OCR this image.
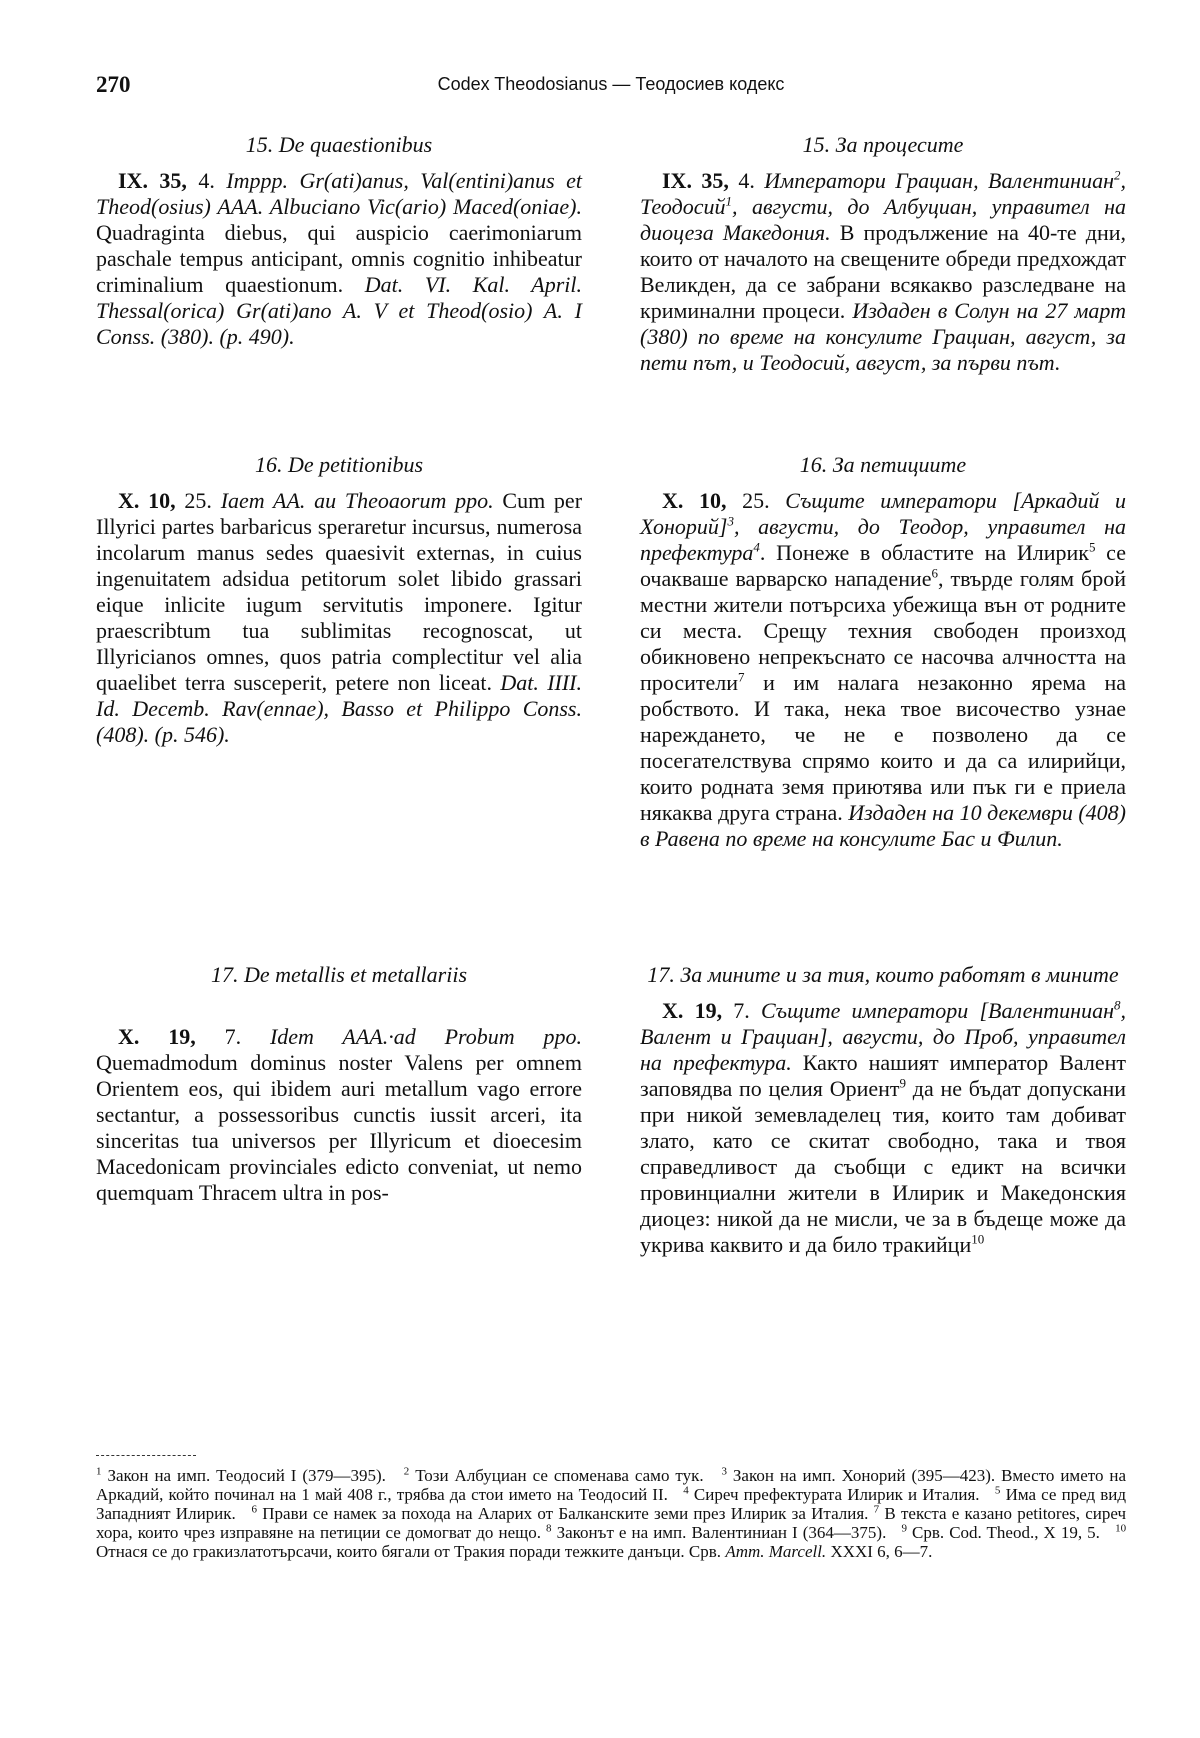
270	Codex Theodosianus — Теодосиев кодекс
15. De quaestionibus

IX. 35, 4. Imppp. Gr(ati)anus, Val(entini)anus et Theod(osius) AAA. Albuciano Vic(ario) Maced(oniae). Quadraginta diebus, qui auspicio caerimoniarum paschale tempus anticipant, omnis cognitio inhibeatur criminalium quaestionum. Dat. VI. Kal. April. Thessal(orica) Gr(ati)ano A. V et Theod(osio) A. I Conss. (380). (p. 490).

16. De petitionibus

X. 10, 25. Iaem AA. au Theoaorum ppo. Cum per Illyrici partes barbaricus speraretur incursus, numerosa incolarum manus sedes quaesivit externas, in cuius ingenuitatem adsidua petitorum solet libido grassari eique inlicite iugum servitutis imponere. Igitur praescribtum tua sublimitas recognoscat, ut Illyricianos omnes, quos patria complectitur vel alia quaelibet terra susceperit, petere non liceat. Dat. IIII. Id. Decemb. Rav(ennae), Basso et Philippo Conss. (408). (p. 546).

17. De metallis et metallariis

X. 19, 7. Idem AAA.·ad Probum ppo. Quemadmodum dominus noster Valens per omnem Orientem eos, qui ibidem auri metallum vago errore sectantur, a possessoribus cunctis iussit arceri, ita sinceritas tua universos per Illyricum et dioecesim Macedonicam provinciales edicto conveniat, ut nemo quemquam Thracem ultra in pos-

15. За процесите

IX. 35, 4. Императори Грациан, Валентиниан$^2$, Теодосий$^1$, августи, до Албуциан, управител на диоцеза Македония. В продължение на 40-те дни, които от началото на свещените обреди предхождат Великден, да се забрани всякакво разследване на криминални процеси. Издаден в Солун на 27 март (380) по време на консулите Грациан, август, за пети път, и Теодосий, август, за първи път.

16. За петициите

X. 10, 25. Същите императори [Аркадий и Хонорий]$^3$, августи, до Теодор, управител на префектура$^4$. Понеже в областите на Илирик$^5$ се очакваше варварско нападение$^6$, твърде голям брой местни жители потърсиха убежища вън от родните си места. Срещу техния свободен произход обикновено непрекъснато се насочва алчността на просители$^7$ и им налага незаконно ярема на робството. И така, нека твое височество узнае нареждането, че не е позволено да се посегателствува спрямо които и да са илирийци, които родната земя приютява или пък ги е приела някаква друга страна. Издаден на 10 декември (408) в Равена по време на консулите Бас и Филип.

17. За мините и за тия, които работят в мините

X. 19, 7. Същите императори [Валентиниан$^8$, Валент и Грациан], августи, до Проб, управител на префектура. Както нашият император Валент заповядва по целия Ориент$^9$ да не бъдат допускани при никой земевладелец тия, които там добиват злато, като се скитат свободно, така и твоя справедливост да съобщи с едикт на всички провинциални жители в Илирик и Македонския диоцез: никой да не мисли, че за в бъдеще може да укрива каквито и да било тракийци$^{10}$

$^1$ Закон на имп. Теодосий I (379—395). $^2$ Този Албуциан се споменава само тук. $^3$ Закон на имп. Хонорий (395—423). Вместо името на Аркадий, който починал на 1 май 408 г., трябва да стои името на Теодосий II. $^4$ Сиреч префектурата Илирик и Италия. $^5$ Има се пред вид Западният Илирик. $^6$ Прави се намек за похода на Аларих от Балканските земи през Илирик за Италия. $^7$ В текста е казано petitores, сиреч хора, които чрез изправяне на петиции се домогват до нещо. $^8$ Законът е на имп. Валентиниан I (364—375). $^9$ Срв. Cod. Theod., X 19, 5. $^{10}$ Отнася се до гракизлатотърсачи, които бягали от Тракия поради тежките данъци. Срв. Amm. Marcell. XXXI 6, 6—7.
